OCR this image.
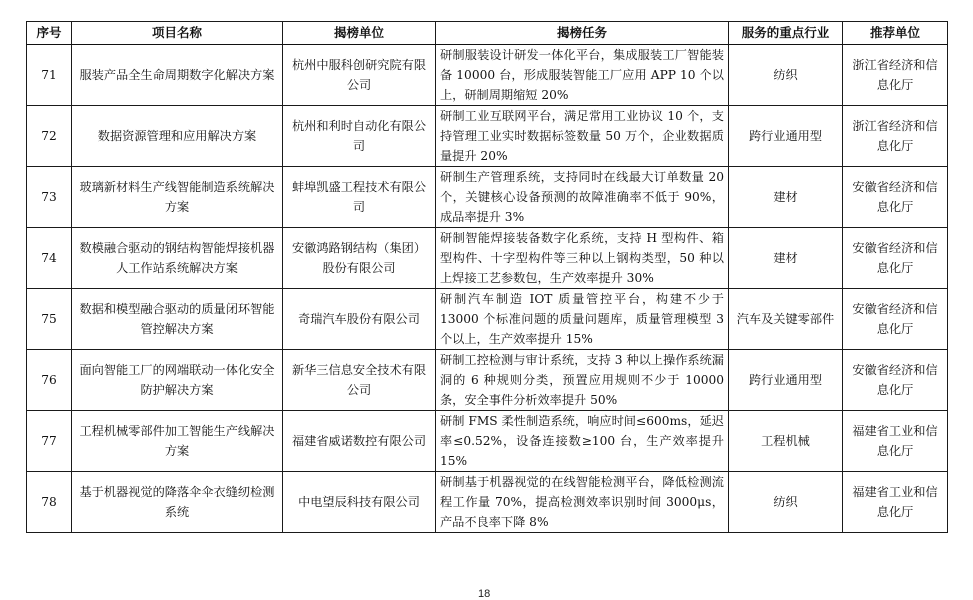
序号	项目名称	揭榜单位	揭榜任务	服务的重点行业	推荐单位
71	服装产品全生命周期数字化解决方案	杭州中服科创研究院有限公司	研制服装设计研发一体化平台，集成服装工厂智能装备 10000 台，形成服装智能工厂应用 APP 10 个以上，研制周期缩短 20%	纺织	浙江省经济和信息化厅
72	数据资源管理和应用解决方案	杭州和利时自动化有限公司	研制工业互联网平台，满足常用工业协议 10 个，支持管理工业实时数据标签数量 50 万个，企业数据质量提升 20%	跨行业通用型	浙江省经济和信息化厅
73	玻璃新材料生产线智能制造系统解决方案	蚌埠凯盛工程技术有限公司	研制生产管理系统，支持同时在线最大订单数量 20 个，关键核心设备预测的故障准确率不低于 90%，成品率提升 3%	建材	安徽省经济和信息化厅
74	数模融合驱动的钢结构智能焊接机器人工作站系统解决方案	安徽鸿路钢结构（集团）股份有限公司	研制智能焊接装备数字化系统，支持 H 型构件、箱型构件、十字型构件等三种以上钢构类型，50 种以上焊接工艺参数包，生产效率提升 30%	建材	安徽省经济和信息化厅
75	数据和模型融合驱动的质量闭环智能管控解决方案	奇瑞汽车股份有限公司	研制汽车制造 IOT 质量管控平台，构建不少于 13000 个标准问题的质量问题库，质量管理模型 3 个以上，生产效率提升 15%	汽车及关键零部件	安徽省经济和信息化厅
76	面向智能工厂的网端联动一体化安全防护解决方案	新华三信息安全技术有限公司	研制工控检测与审计系统，支持 3 种以上操作系统漏洞的 6 种规则分类，预置应用规则不少于 10000 条，安全事件分析效率提升 50%	跨行业通用型	安徽省经济和信息化厅
77	工程机械零部件加工智能生产线解决方案	福建省威诺数控有限公司	研制 FMS 柔性制造系统，响应时间≤600ms，延迟率≤0.52%，设备连接数≥100 台，生产效率提升 15%	工程机械	福建省工业和信息化厅
78	基于机器视觉的降落伞伞衣缝纫检测系统	中电望辰科技有限公司	研制基于机器视觉的在线智能检测平台，降低检测流程工作量 70%，提高检测效率识别时间 3000μs，产品不良率下降 8%	纺织	福建省工业和信息化厅
18
